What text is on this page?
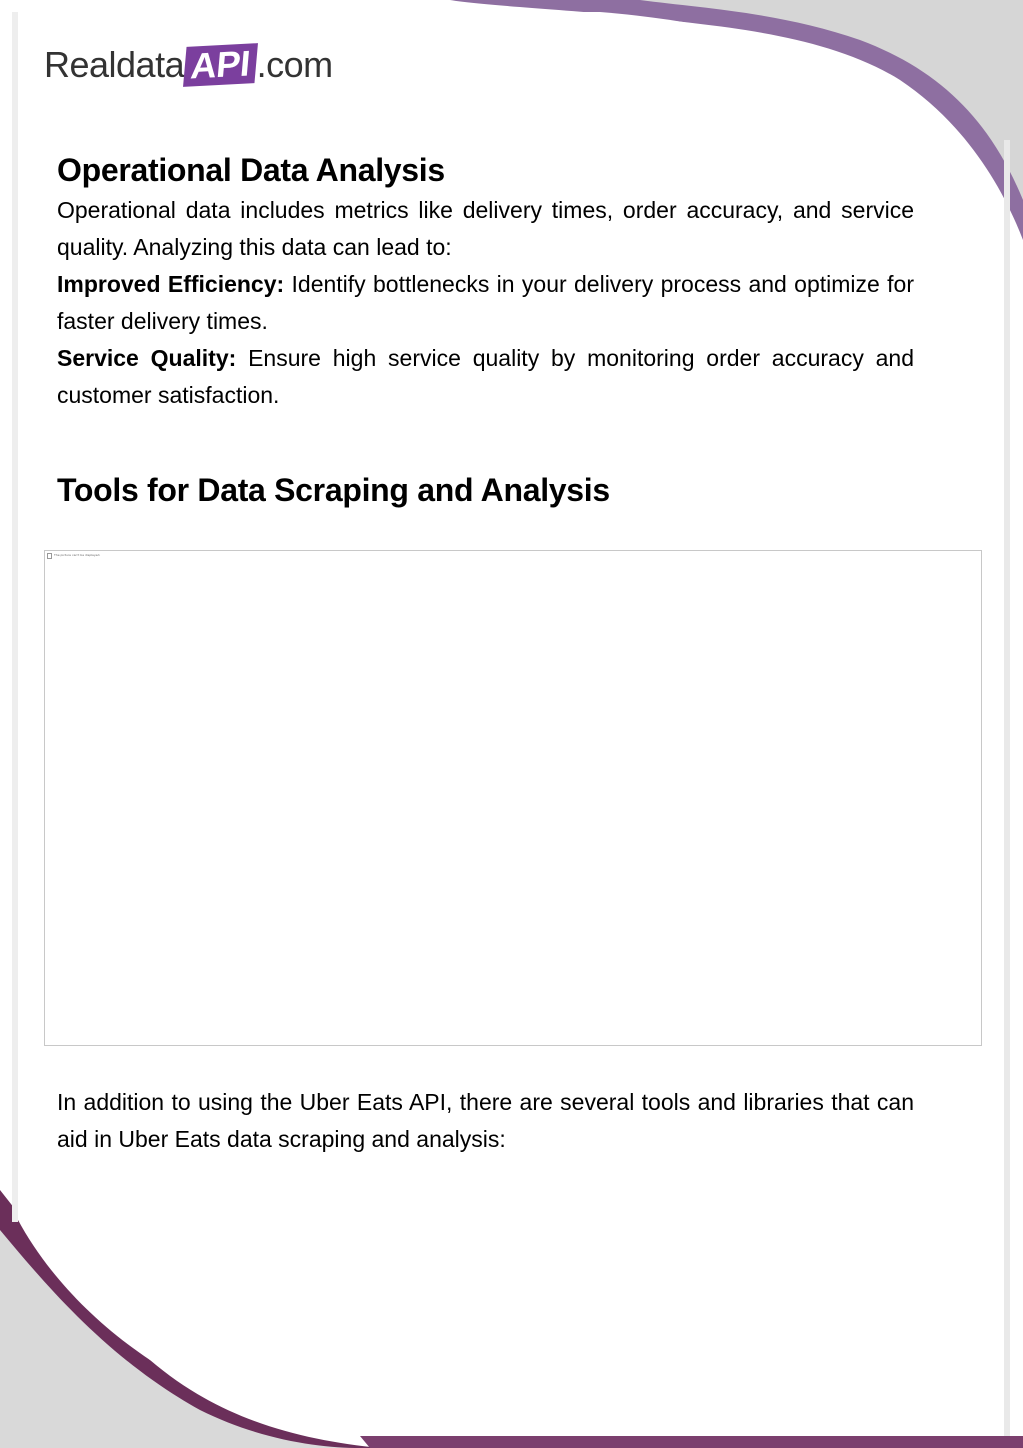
Realdata API .com
Operational Data Analysis

Operational data includes metrics like delivery times, order accuracy, and service quality. Analyzing this data can lead to:

Improved Efficiency: Identify bottlenecks in your delivery process and optimize for faster delivery times.

Service Quality: Ensure high service quality by monitoring order accuracy and customer satisfaction.

Tools for Data Scraping and Analysis
The picture can't be displayed.

In addition to using the Uber Eats API, there are several tools and libraries that can aid in Uber Eats data scraping and analysis:
